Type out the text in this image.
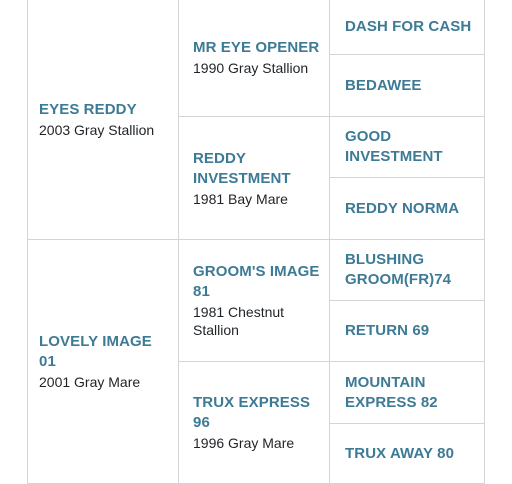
EYES REDDY
2003 Gray Stallion
LOVELY IMAGE 01
2001 Gray Mare
MR EYE OPENER
1990 Gray Stallion
REDDY INVESTMENT
1981 Bay Mare
GROOM'S IMAGE 81
1981 Chestnut Stallion
TRUX EXPRESS 96
1996 Gray Mare
DASH FOR CASH
BEDAWEE
GOOD INVESTMENT
REDDY NORMA
BLUSHING GROOM(FR)74
RETURN 69
MOUNTAIN EXPRESS 82
TRUX AWAY 80
